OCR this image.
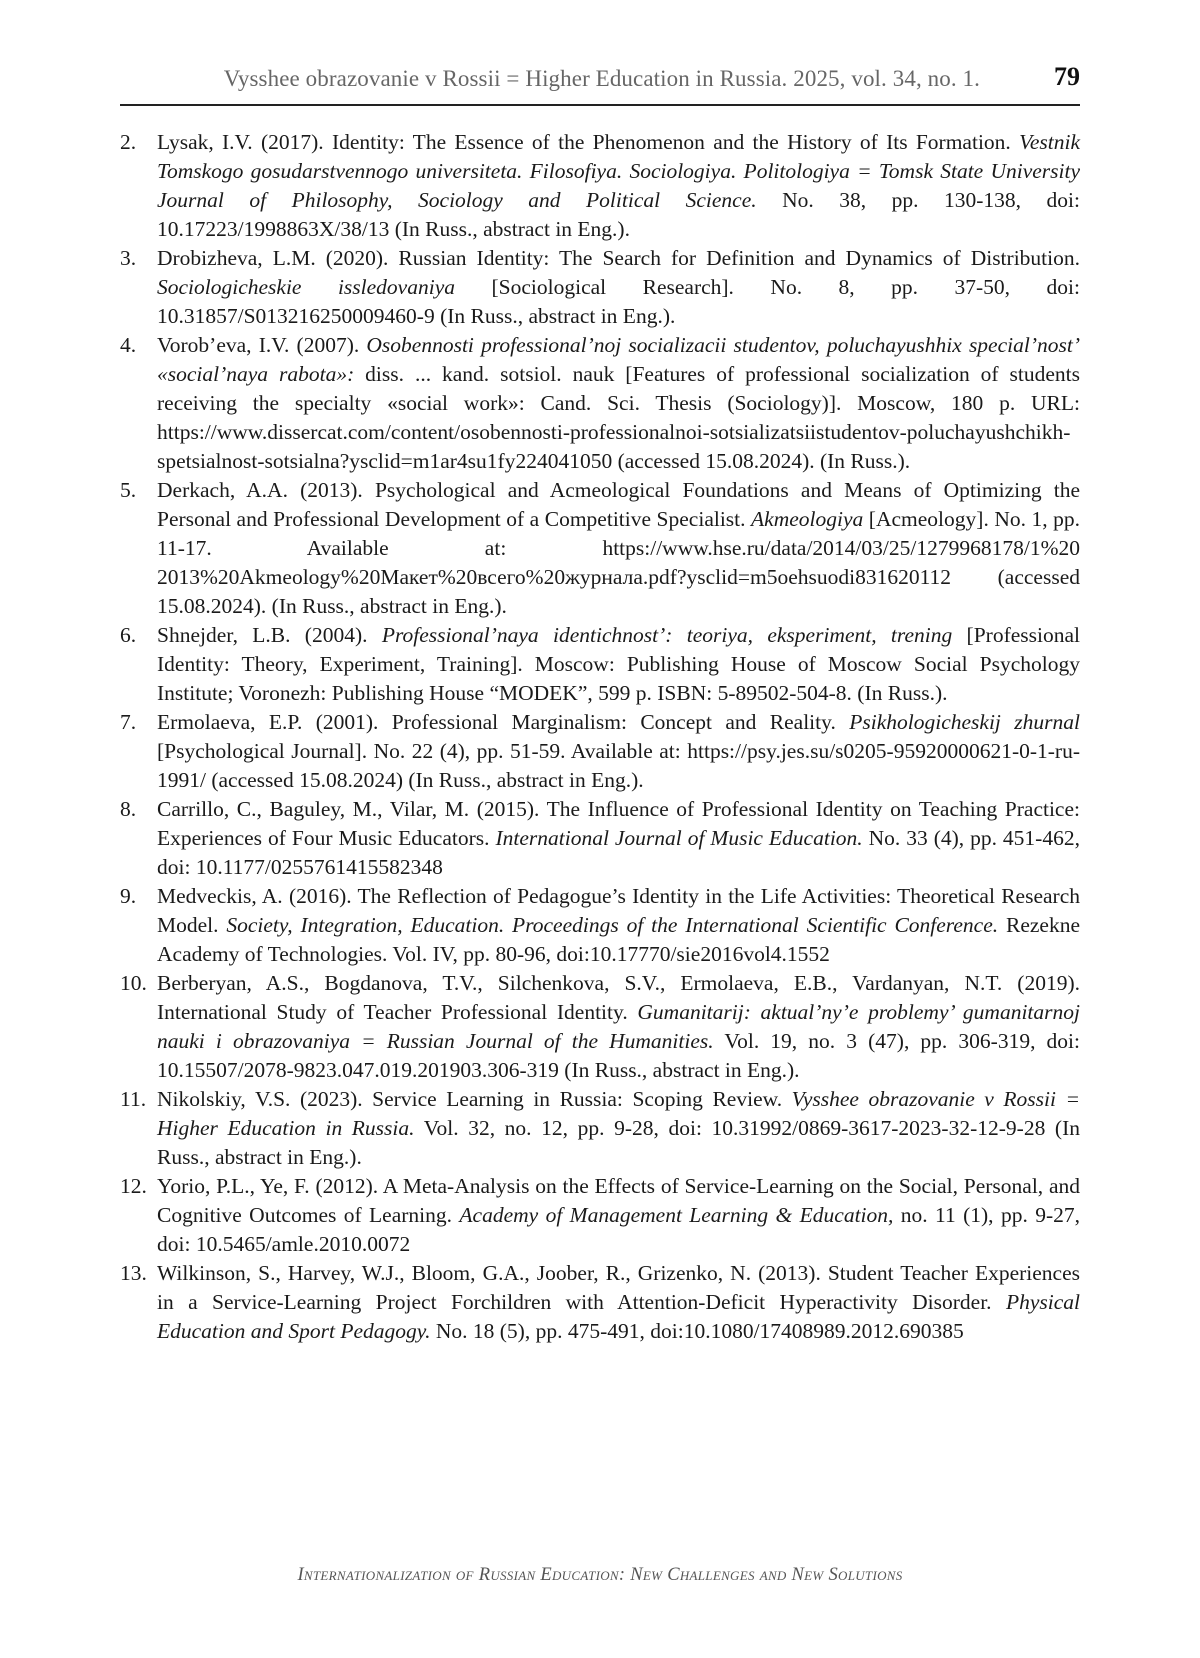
Vysshee obrazovanie v Rossii = Higher Education in Russia. 2025, vol. 34, no. 1.	79
2. Lysak, I.V. (2017). Identity: The Essence of the Phenomenon and the History of Its Formation. Vestnik Tomskogo gosudarstvennogo universiteta. Filosofiya. Sociologiya. Politologiya = Tomsk State University Journal of Philosophy, Sociology and Political Science. No. 38, pp. 130-138, doi: 10.17223/1998863X/38/13 (In Russ., abstract in Eng.).
3. Drobizheva, L.M. (2020). Russian Identity: The Search for Definition and Dynamics of Distribution. Sociologicheskie issledovaniya [Sociological Research]. No. 8, pp. 37-50, doi: 10.31857/S013216250009460-9 (In Russ., abstract in Eng.).
4. Vorob’eva, I.V. (2007). Osobennosti professional’noj socializacii studentov, poluchayushhix special’nost’ «social’naya rabota»: diss. ... kand. sotsiol. nauk [Features of professional socialization of students receiving the specialty «social work»: Cand. Sci. Thesis (Sociology)]. Moscow, 180 p. URL: https://www.dissercat.com/content/osobennosti-professionalnoi-sotsializatsiistudentov-poluchayushchikh-spetsialnost-sotsialna?ysclid=m1ar4su1fy224041050 (accessed 15.08.2024). (In Russ.).
5. Derkach, A.A. (2013). Psychological and Acmeological Foundations and Means of Optimizing the Personal and Professional Development of a Competitive Specialist. Akmeologiya [Acmeology]. No. 1, pp. 11-17. Available at: https://www.hse.ru/data/2014/03/25/1279968178/1%20 2013%20Akmeology%20Макет%20всего%20журнала.pdf?ysclid=m5oehsuodi831620112 (accessed 15.08.2024). (In Russ., abstract in Eng.).
6. Shnejder, L.B. (2004). Professional’naya identichnost’: teoriya, eksperiment, trening [Professional Identity: Theory, Experiment, Training]. Moscow: Publishing House of Moscow Social Psychology Institute; Voronezh: Publishing House “MODEK”, 599 p. ISBN: 5-89502-504-8. (In Russ.).
7. Ermolaeva, E.P. (2001). Professional Marginalism: Concept and Reality. Psikhologicheskij zhurnal [Psychological Journal]. No. 22 (4), pp. 51-59. Available at: https://psy.jes.su/s0205-95920000621-0-1-ru-1991/ (accessed 15.08.2024) (In Russ., abstract in Eng.).
8. Carrillo, C., Baguley, M., Vilar, M. (2015). The Influence of Professional Identity on Teaching Practice: Experiences of Four Music Educators. International Journal of Music Education. No. 33 (4), pp. 451-462, doi: 10.1177/0255761415582348
9. Medveckis, A. (2016). The Reflection of Pedagogue’s Identity in the Life Activities: Theoretical Research Model. Society, Integration, Education. Proceedings of the International Scientific Conference. Rezekne Academy of Technologies. Vol. IV, pp. 80-96, doi:10.17770/sie2016vol4.1552
10. Berberyan, A.S., Bogdanova, T.V., Silchenkova, S.V., Ermolaeva, E.B., Vardanyan, N.T. (2019). International Study of Teacher Professional Identity. Gumanitarij: aktual’ny’e problemy’ gumanitarnoj nauki i obrazovaniya = Russian Journal of the Humanities. Vol. 19, no. 3 (47), pp. 306-319, doi: 10.15507/2078-9823.047.019.201903.306-319 (In Russ., abstract in Eng.).
11. Nikolskiy, V.S. (2023). Service Learning in Russia: Scoping Review. Vysshee obrazovanie v Rossii = Higher Education in Russia. Vol. 32, no. 12, pp. 9-28, doi: 10.31992/0869-3617-2023-32-12-9-28 (In Russ., abstract in Eng.).
12. Yorio, P.L., Ye, F. (2012). A Meta-Analysis on the Effects of Service-Learning on the Social, Personal, and Cognitive Outcomes of Learning. Academy of Management Learning & Education, no. 11 (1), pp. 9-27, doi: 10.5465/amle.2010.0072
13. Wilkinson, S., Harvey, W.J., Bloom, G.A., Joober, R., Grizenko, N. (2013). Student Teacher Experiences in a Service-Learning Project Forchildren with Attention-Deficit Hyperactivity Disorder. Physical Education and Sport Pedagogy. No. 18 (5), pp. 475-491, doi:10.1080/17408989.2012.690385
Internationalization of Russian Education: New Challenges and New Solutions
